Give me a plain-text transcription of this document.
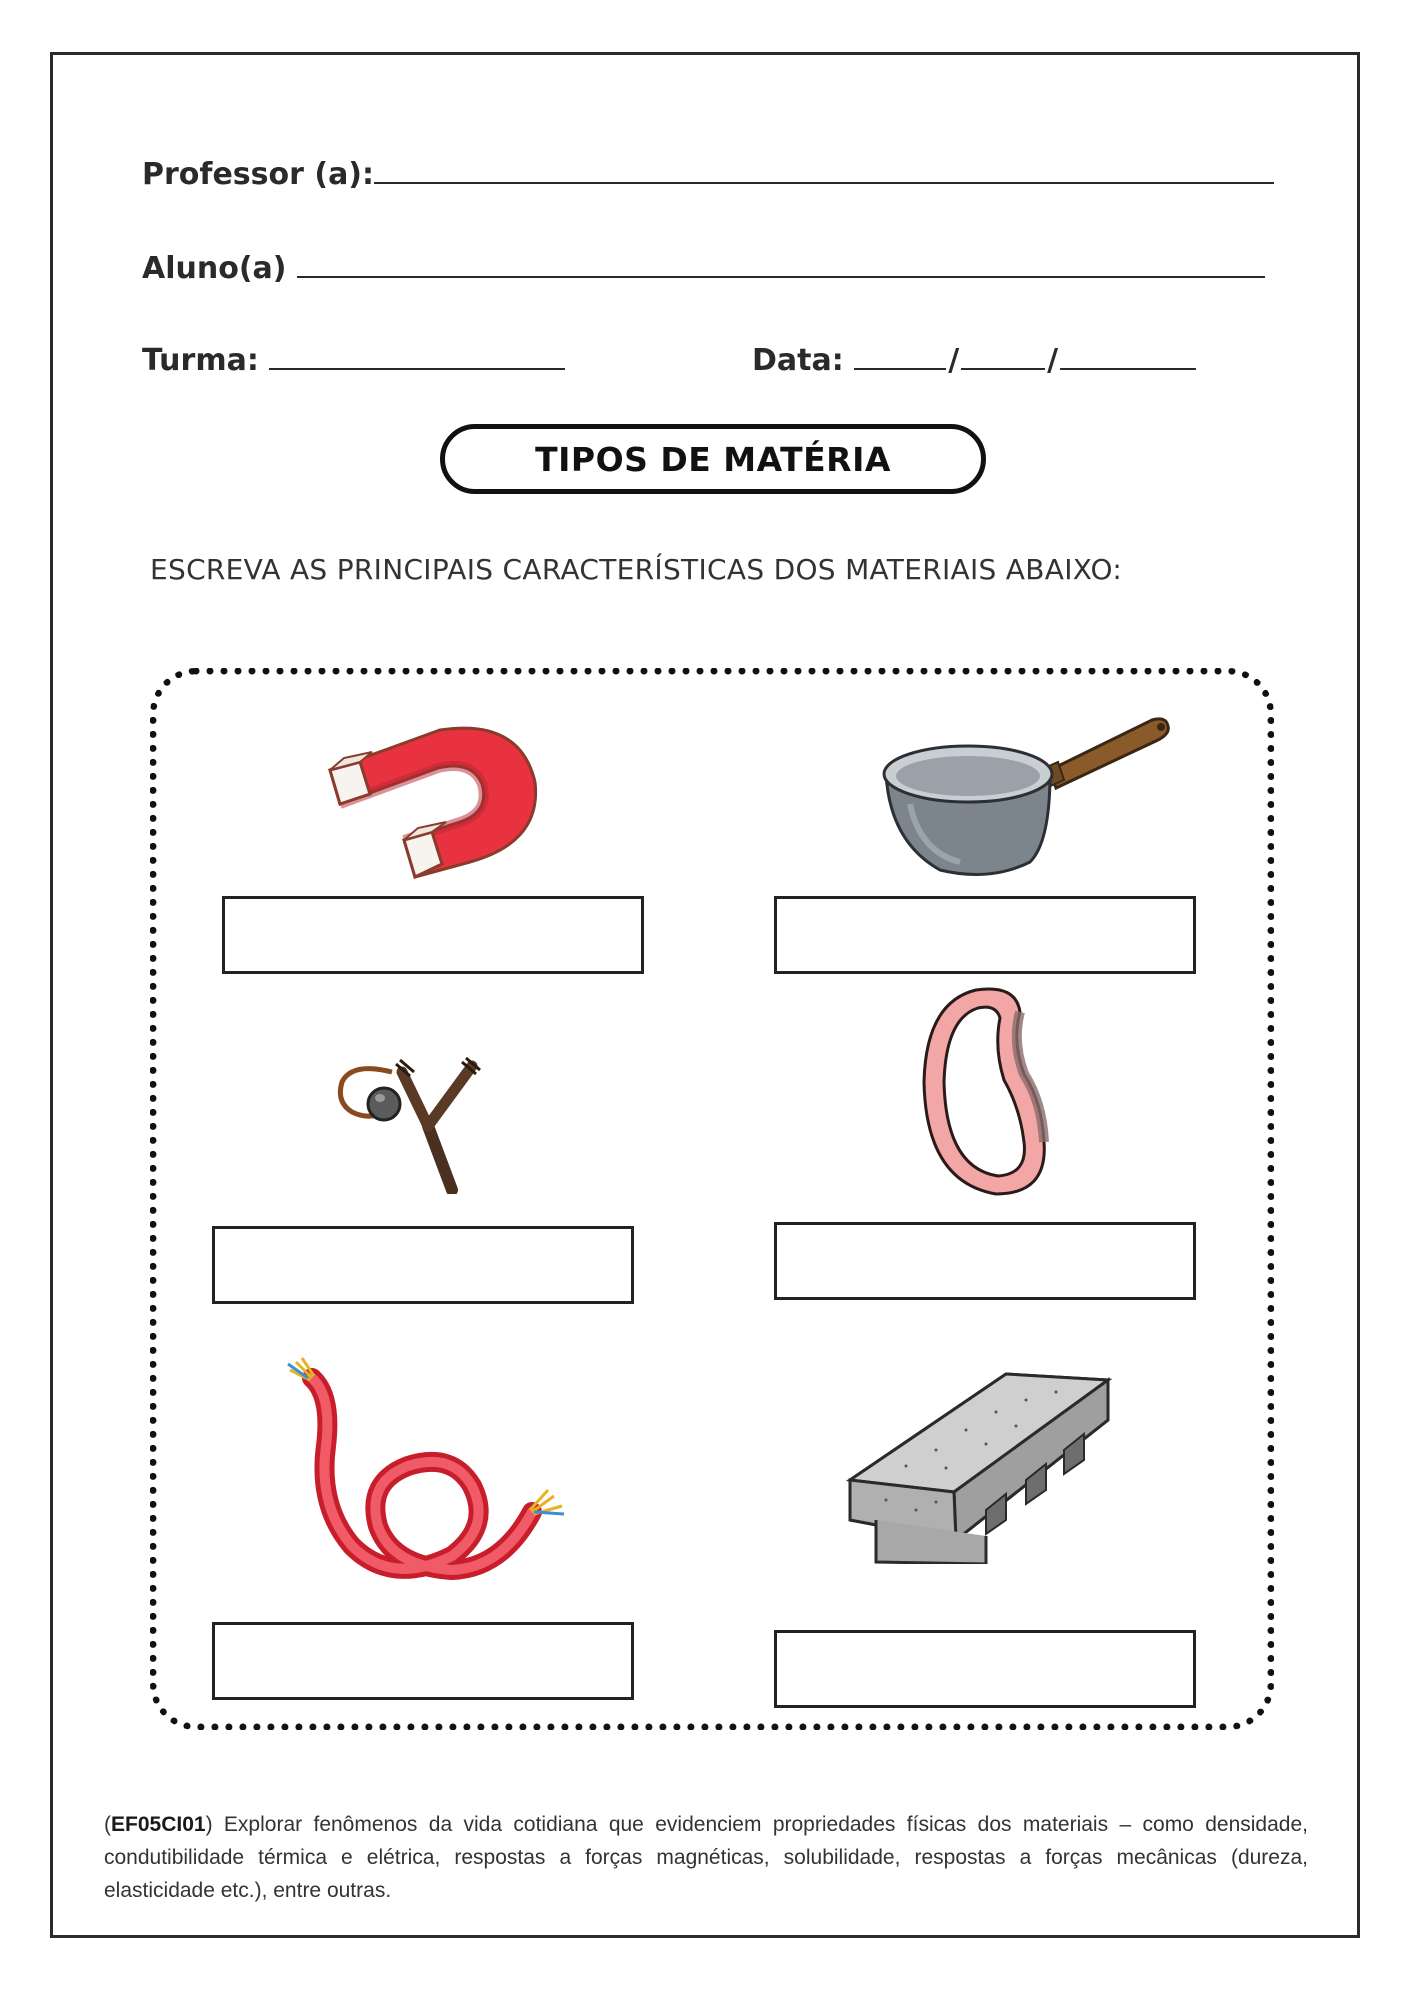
Professor (a):
Aluno(a)
Turma:	Data:	/	/
TIPOS DE MATÉRIA
ESCREVA AS PRINCIPAIS CARACTERÍSTICAS DOS MATERIAIS ABAIXO:
(EF05CI01) Explorar fenômenos da vida cotidiana que evidenciem propriedades físicas dos materiais – como densidade, condutibilidade térmica e elétrica, respostas a forças magnéticas, solubilidade, respostas a forças mecânicas (dureza, elasticidade etc.), entre outras.
